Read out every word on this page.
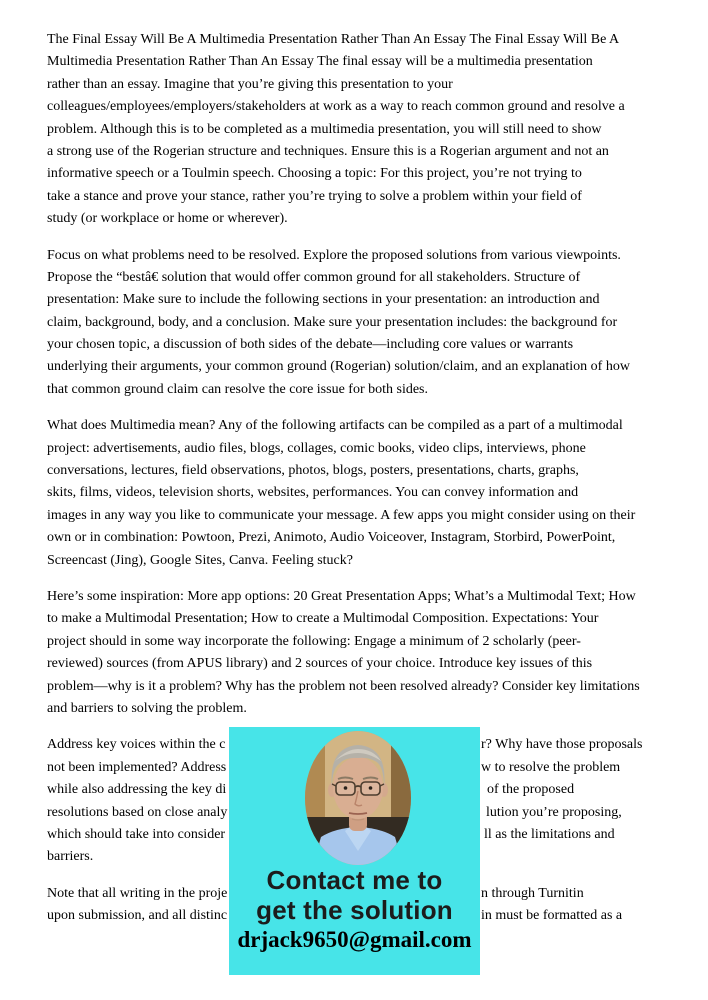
The Final Essay Will Be A Multimedia Presentation Rather Than An Essay The Final Essay Will Be A
Multimedia Presentation Rather Than An Essay The final essay will be a multimedia presentation
rather than an essay. Imagine that you’re giving this presentation to your
colleagues/employees/employers/stakeholders at work as a way to reach common ground and resolve a
problem. Although this is to be completed as a multimedia presentation, you will still need to show
a strong use of the Rogerian structure and techniques. Ensure this is a Rogerian argument and not an
informative speech or a Toulmin speech. Choosing a topic: For this project, you’re not trying to
take a stance and prove your stance, rather you’re trying to solve a problem within your field of
study (or workplace or home or wherever).
Focus on what problems need to be resolved. Explore the proposed solutions from various viewpoints.
Propose the “bestâ€ solution that would offer common ground for all stakeholders. Structure of
presentation: Make sure to include the following sections in your presentation: an introduction and
claim, background, body, and a conclusion. Make sure your presentation includes: the background for
your chosen topic, a discussion of both sides of the debate—including core values or warrants
underlying their arguments, your common ground (Rogerian) solution/claim, and an explanation of how
that common ground claim can resolve the core issue for both sides.
What does Multimedia mean? Any of the following artifacts can be compiled as a part of a multimodal
project: advertisements, audio files, blogs, collages, comic books, video clips, interviews, phone
conversations, lectures, field observations, photos, blogs, posters, presentations, charts, graphs,
skits, films, videos, television shorts, websites, performances. You can convey information and
images in any way you like to communicate your message. A few apps you might consider using on their
own or in combination: Powtoon, Prezi, Animoto, Audio Voiceover, Instagram, Storbird, PowerPoint,
Screencast (Jing), Google Sites, Canva. Feeling stuck?
Here’s some inspiration: More app options: 20 Great Presentation Apps; What’s a Multimodal Text; How
to make a Multimodal Presentation; How to create a Multimodal Composition. Expectations: Your
project should in some way incorporate the following: Engage a minimum of 2 scholarly (peer-
reviewed) sources (from APUS library) and 2 sources of your choice. Introduce key issues of this
problem—why is it a problem? Why has the problem not been resolved already? Consider key limitations
and barriers to solving the problem.
Address key voices within the c	r? Why have those proposals
not been implemented? Address	w to resolve the problem
while also addressing the key di	of the proposed
resolutions based on close analy	lution you’re proposing,
which should take into consider	ll as the limitations and
barriers.
Note that all writing in the proje	n through Turnitin
upon submission, and all distinc	in must be formatted as a
Contact me to
get the solution
drjack9650@gmail.com
